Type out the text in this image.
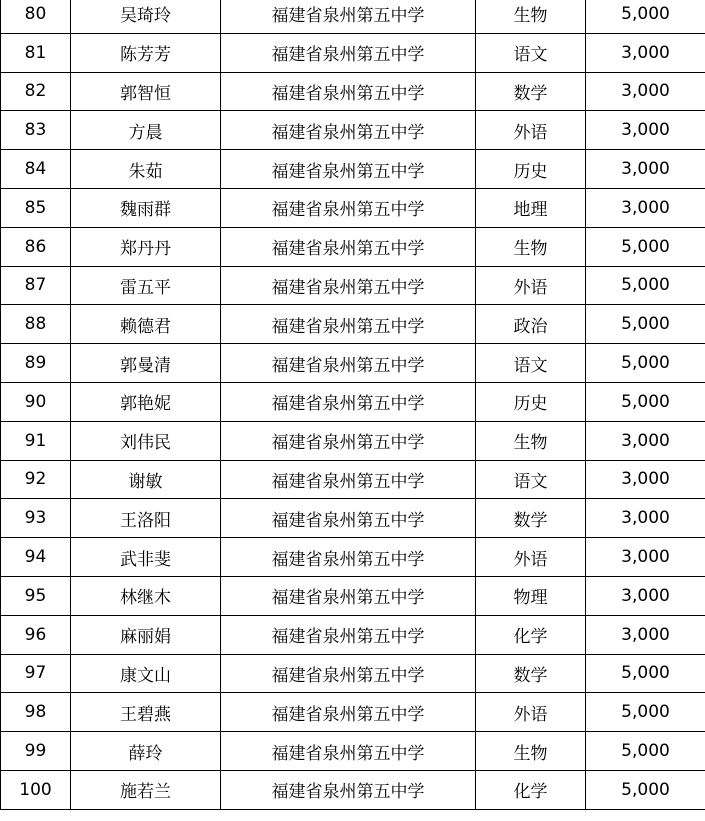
80	吴琦玲	福建省泉州第五中学	生物	5,000
81	陈芳芳	福建省泉州第五中学	语文	3,000
82	郭智恒	福建省泉州第五中学	数学	3,000
83	方晨	福建省泉州第五中学	外语	3,000
84	朱茹	福建省泉州第五中学	历史	3,000
85	魏雨群	福建省泉州第五中学	地理	3,000
86	郑丹丹	福建省泉州第五中学	生物	5,000
87	雷五平	福建省泉州第五中学	外语	5,000
88	赖德君	福建省泉州第五中学	政治	5,000
89	郭曼清	福建省泉州第五中学	语文	5,000
90	郭艳妮	福建省泉州第五中学	历史	5,000
91	刘伟民	福建省泉州第五中学	生物	3,000
92	谢敏	福建省泉州第五中学	语文	3,000
93	王洛阳	福建省泉州第五中学	数学	3,000
94	武非斐	福建省泉州第五中学	外语	3,000
95	林继木	福建省泉州第五中学	物理	3,000
96	麻丽娟	福建省泉州第五中学	化学	3,000
97	康文山	福建省泉州第五中学	数学	5,000
98	王碧燕	福建省泉州第五中学	外语	5,000
99	薛玲	福建省泉州第五中学	生物	5,000
100	施若兰	福建省泉州第五中学	化学	5,000
